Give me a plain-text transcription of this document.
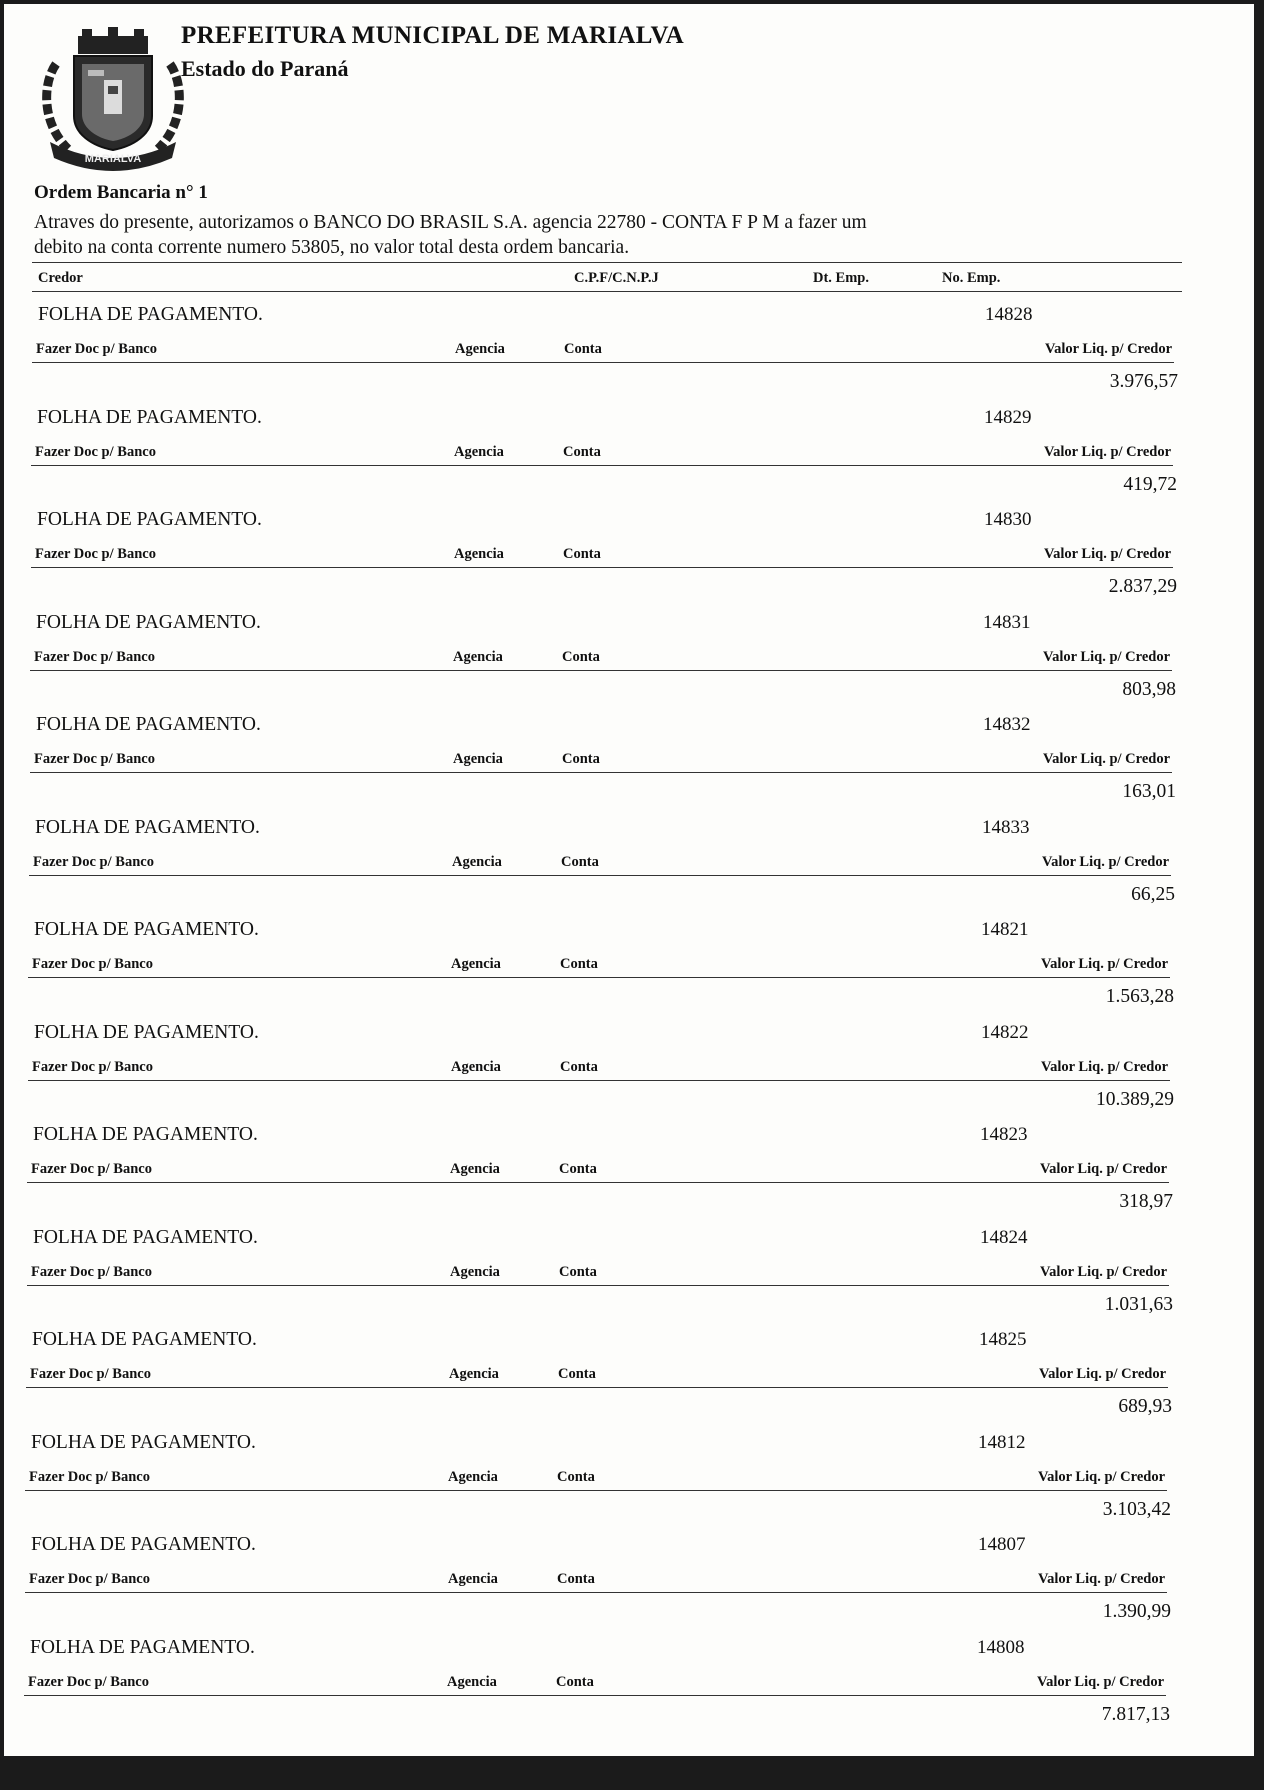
MARIALVA
PREFEITURA MUNICIPAL DE MARIALVA
Estado do Paraná
Ordem Bancaria n° 1
Atraves do presente, autorizamos o BANCO DO BRASIL S.A. agencia 22780 - CONTA F P M a fazer um
debito na conta corrente numero 53805, no valor total desta ordem bancaria.
Credor	C.P.F/C.N.P.J	Dt. Emp.	No. Emp.
FOLHA DE PAGAMENTO.	14828
Fazer Doc p/ Banco	Agencia	Conta	Valor Liq. p/ Credor
3.976,57
FOLHA DE PAGAMENTO.	14829
Fazer Doc p/ Banco	Agencia	Conta	Valor Liq. p/ Credor
419,72
FOLHA DE PAGAMENTO.	14830
Fazer Doc p/ Banco	Agencia	Conta	Valor Liq. p/ Credor
2.837,29
FOLHA DE PAGAMENTO.	14831
Fazer Doc p/ Banco	Agencia	Conta	Valor Liq. p/ Credor
803,98
FOLHA DE PAGAMENTO.	14832
Fazer Doc p/ Banco	Agencia	Conta	Valor Liq. p/ Credor
163,01
FOLHA DE PAGAMENTO.	14833
Fazer Doc p/ Banco	Agencia	Conta	Valor Liq. p/ Credor
66,25
FOLHA DE PAGAMENTO.	14821
Fazer Doc p/ Banco	Agencia	Conta	Valor Liq. p/ Credor
1.563,28
FOLHA DE PAGAMENTO.	14822
Fazer Doc p/ Banco	Agencia	Conta	Valor Liq. p/ Credor
10.389,29
FOLHA DE PAGAMENTO.	14823
Fazer Doc p/ Banco	Agencia	Conta	Valor Liq. p/ Credor
318,97
FOLHA DE PAGAMENTO.	14824
Fazer Doc p/ Banco	Agencia	Conta	Valor Liq. p/ Credor
1.031,63
FOLHA DE PAGAMENTO.	14825
Fazer Doc p/ Banco	Agencia	Conta	Valor Liq. p/ Credor
689,93
FOLHA DE PAGAMENTO.	14812
Fazer Doc p/ Banco	Agencia	Conta	Valor Liq. p/ Credor
3.103,42
FOLHA DE PAGAMENTO.	14807
Fazer Doc p/ Banco	Agencia	Conta	Valor Liq. p/ Credor
1.390,99
FOLHA DE PAGAMENTO.	14808
Fazer Doc p/ Banco	Agencia	Conta	Valor Liq. p/ Credor
7.817,13
